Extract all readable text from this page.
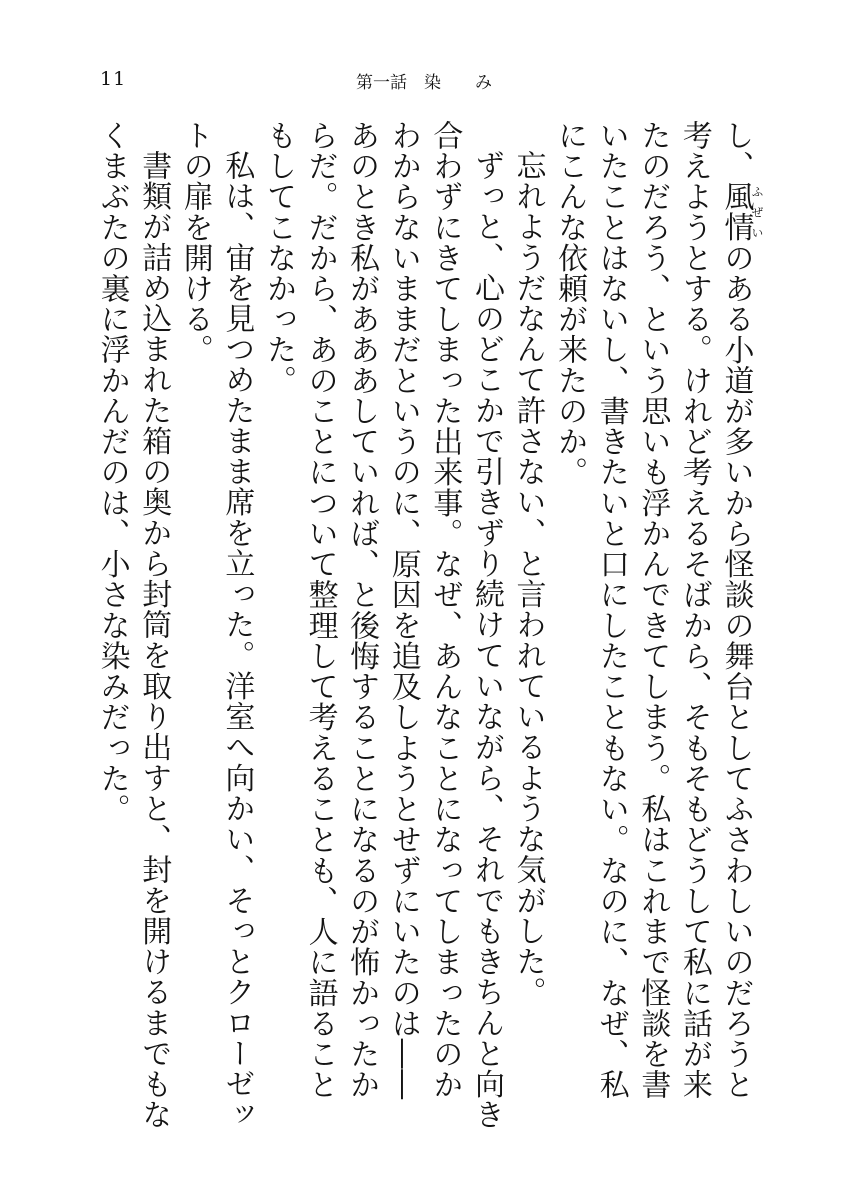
11	第一話　染　　み

し、風情ふぜいのある小道が多いから怪談の舞台としてふさわしいのだろうと考えようとする。けれど考えるそばから、そもそもどうして私に話が来たのだろう、という思いも浮かんできてしまう。私はこれまで怪談を書いたことはないし、書きたいと口にしたこともない。なのに、なぜ、私にこんな依頼が来たのか。

忘れようだなんて許さない、と言われているような気がした。

ずっと、心のどこかで引きずり続けていながら、それでもきちんと向き合わずにきてしまった出来事。なぜ、あんなことになってしまったのかわからないままだというのに、原因を追及しようとせずにいたのは――あのとき私があああしていれば、と後悔することになるのが怖かったからだ。だから、あのことについて整理して考えることも、人に語ることもしてこなかった。

私は、宙を見つめたまま席を立った。洋室へ向かい、そっとクローゼットの扉を開ける。

書類が詰め込まれた箱の奥から封筒を取り出すと、封を開けるまでもなくまぶたの裏に浮かんだのは、小さな染みだった。
